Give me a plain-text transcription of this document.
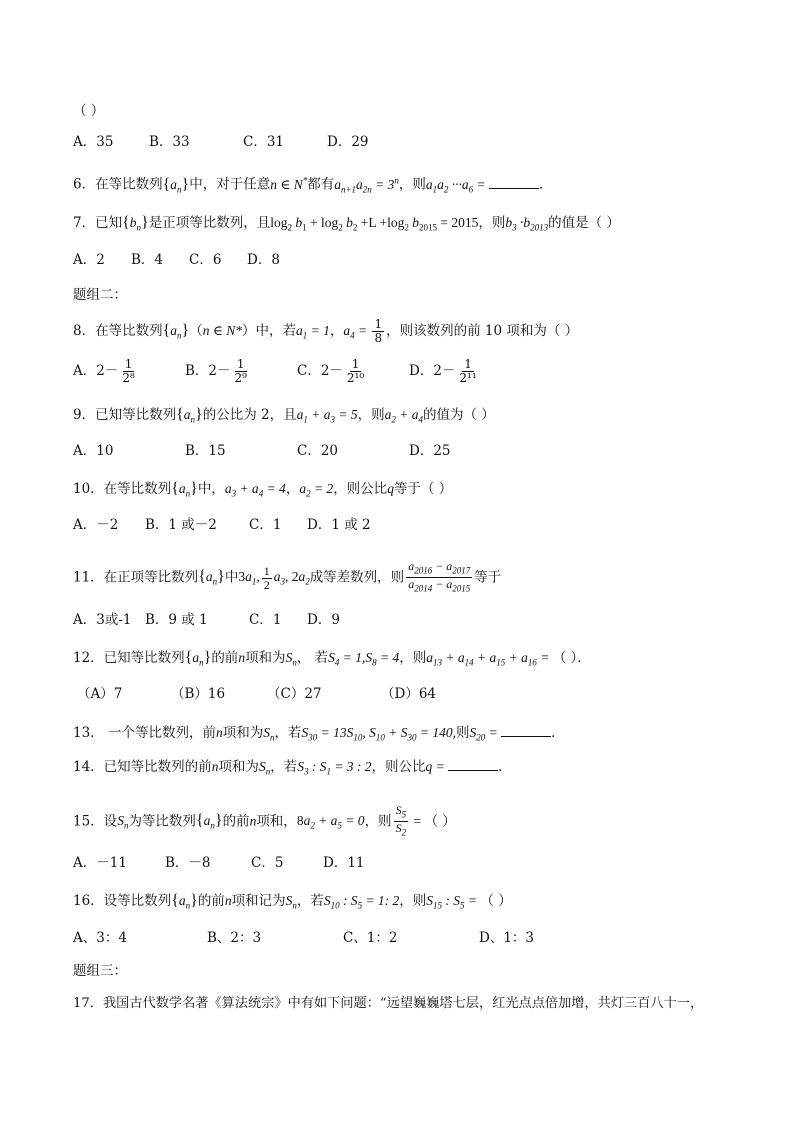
（ ）
A．35	B．33	C．31	D．29
6．在等比数列$\{a_n\}$中，对于任意n ∈ N*都有$a_{n+1}a_{2n} = 3^n$，则$a_1a_2 \cdot\cdot\cdot a_6$ =	．
7．已知$\{b_n\}$是正项等比数列，且$\log_2 b_1 + \log_2 b_2 +L +\log_2$ $b_{2015} = 2015$，则$b_3 \cdot b_{2013}$的值是（ ）
A．2 B．4 C．6 D．8
题组二：
8．在等比数列$\{a_n\}(n$ ∈ N*）中，若$a_1 = 1$，$a_4 = \frac{1}{8}$ ，则该数列的前 10 项和为（ ）
A．$2- \frac{1}{\text{2⁸}}$	B．$2- \frac{1}{\text{2⁹}}$	C．$2- \frac{1}{\text{2¹⁰}}$	D．$2- \frac{1}{\text{2¹¹}}$
9．已知等比数列$\{a_n\}$的公比为 2，且$a_1 + a_3 = 5$，则$a_2 + a_4$的值为（ ）
A．10	B．15	C．20	D．25
10．在等比数列$\{a_n\}$中，$a_3 + a_4 = 4$，$a_2 = 2$，则公比q等于（ ）
A．－2 B．1 或－2 C．1 D．1 或 2
11．在正项等比数列$\{a_n\}$中$3a_1$, $\frac{1}{2} a_3$, $2a_2$成等差数列，则 $\frac{a_{2016} - a_{2017}}{a_{2014} - a_{2015}}$ 等于
A．3或-1 B．9 或 1	C．1 D．9
12．已知等比数列$\{a_n\}$的前n项和为$S_n$， 若$S_4 = 1,S_8 = 4$，则$a_{13} + a_{14} + a_{15} + a_{16}$ = （ ）．
（A）7	（B）16	（C）27	（D）64
13． 一个等比数列，前n项和为$S_n$，若$S_{30} = 13S_{10}$, $S_{10} + S_{30} = 140$,则$S_{20}$ =	．
14．已知等比数列的前n项和为$S_n$，若$S_3$ : $S_1 = 3$ : 2，则公比q =	．
15．设$S_n$为等比数列$\{a_n\}$的前n项和，$8a_2 + a_5 = 0$，则 $\frac{S_5}{S_2}$ = （ ）
A．－11	B．－8	C．5	D．11
16．设等比数列$\{a_n\}$的前n项和记为$S_n$，若$S_{10}$ : $S_5 = 1$: 2，则$S_{15}$ : $S_5$ = （ ）
A、3：4	B、2：3	C、1：2	D、1：3
题组三：
17．我国古代数学名著《算法统宗》中有如下问题：“远望巍巍塔七层，红光点点倍加增，共灯三百八十一，
